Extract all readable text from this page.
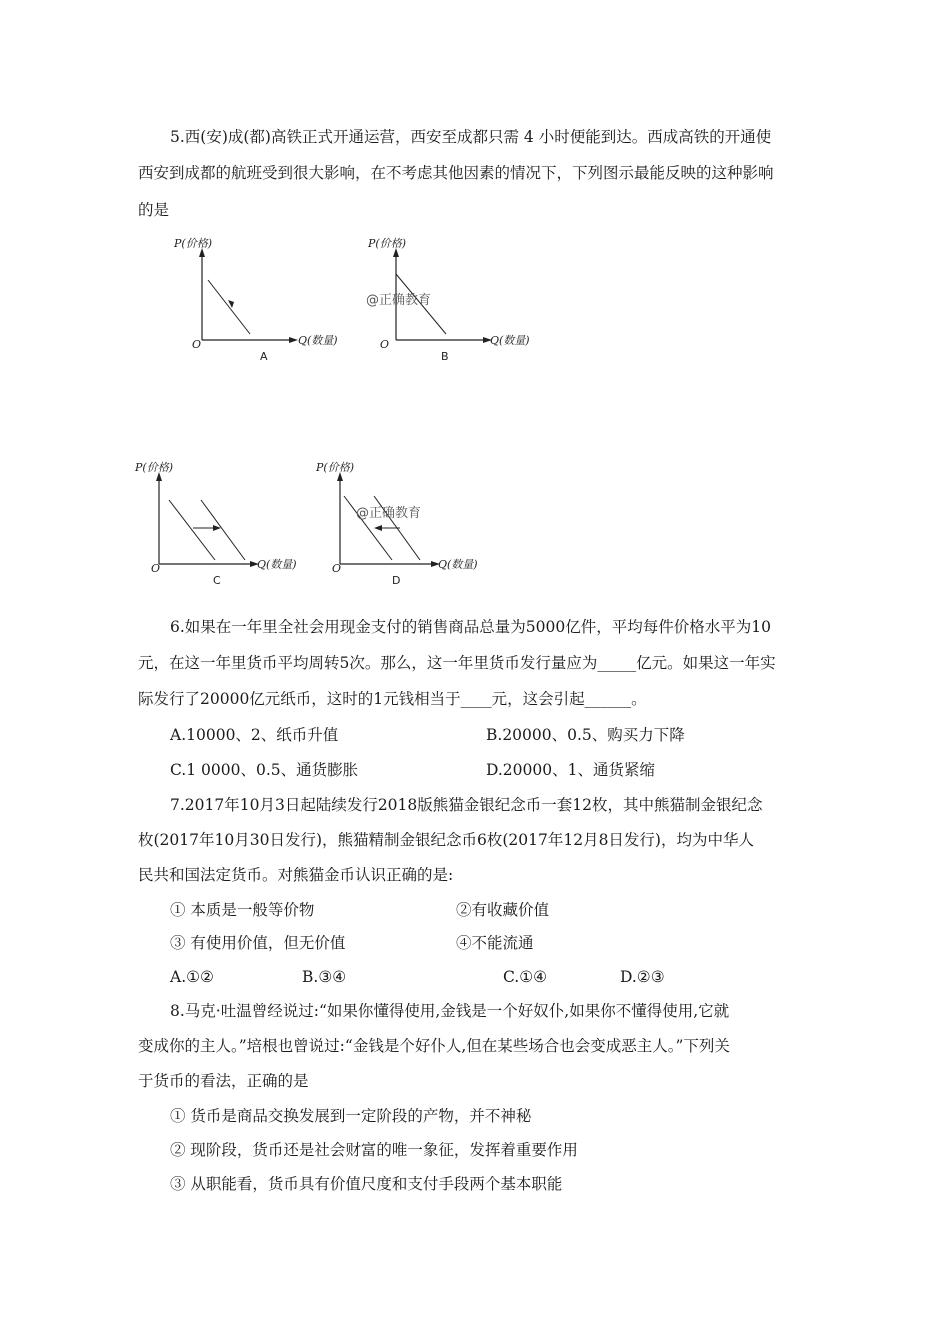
5.西(安)成(都)高铁正式开通运营，西安至成都只需 4 小时便能到达。西成高铁的开通使
西安到成都的航班受到很大影响，在不考虑其他因素的情况下，下列图示最能反映的这种影响
的是
P(价格)
Q(数量)
O
A
P(价格)
Q(数量)
O
B
@正确教育
P(价格)
Q(数量)
O
C
P(价格)
Q(数量)
O
D
@正确教育
6.如果在一年里全社会用现金支付的销售商品总量为5000亿件，平均每件价格水平为10
元，在这一年里货币平均周转5次。那么，这一年里货币发行量应为_____亿元。如果这一年实
际发行了20000亿元纸币，这时的1元钱相当于____元，这会引起______。
A.10000、2、纸币升值	B.20000、0.5、购买力下降
C.1 0000、0.5、通货膨胀	D.20000、1、通货紧缩
7.2017年10月3日起陆续发行2018版熊猫金银纪念币一套12枚，其中熊猫制金银纪念
枚(2017年10月30日发行)，熊猫精制金银纪念币6枚(2017年12月8日发行)，均为中华人
民共和国法定货币。对熊猫金币认识正确的是:
① 本质是一般等价物	②有收藏价值
③ 有使用价值，但无价值	④不能流通
A.①②	B.③④	C.①④	D.②③
8.马克·吐温曾经说过:“如果你懂得使用,金钱是一个好奴仆,如果你不懂得使用,它就
变成你的主人。”培根也曾说过:“金钱是个好仆人,但在某些场合也会变成恶主人。”下列关
于货币的看法，正确的是
① 货币是商品交换发展到一定阶段的产物，并不神秘
② 现阶段，货币还是社会财富的唯一象征，发挥着重要作用
③ 从职能看，货币具有价值尺度和支付手段两个基本职能
